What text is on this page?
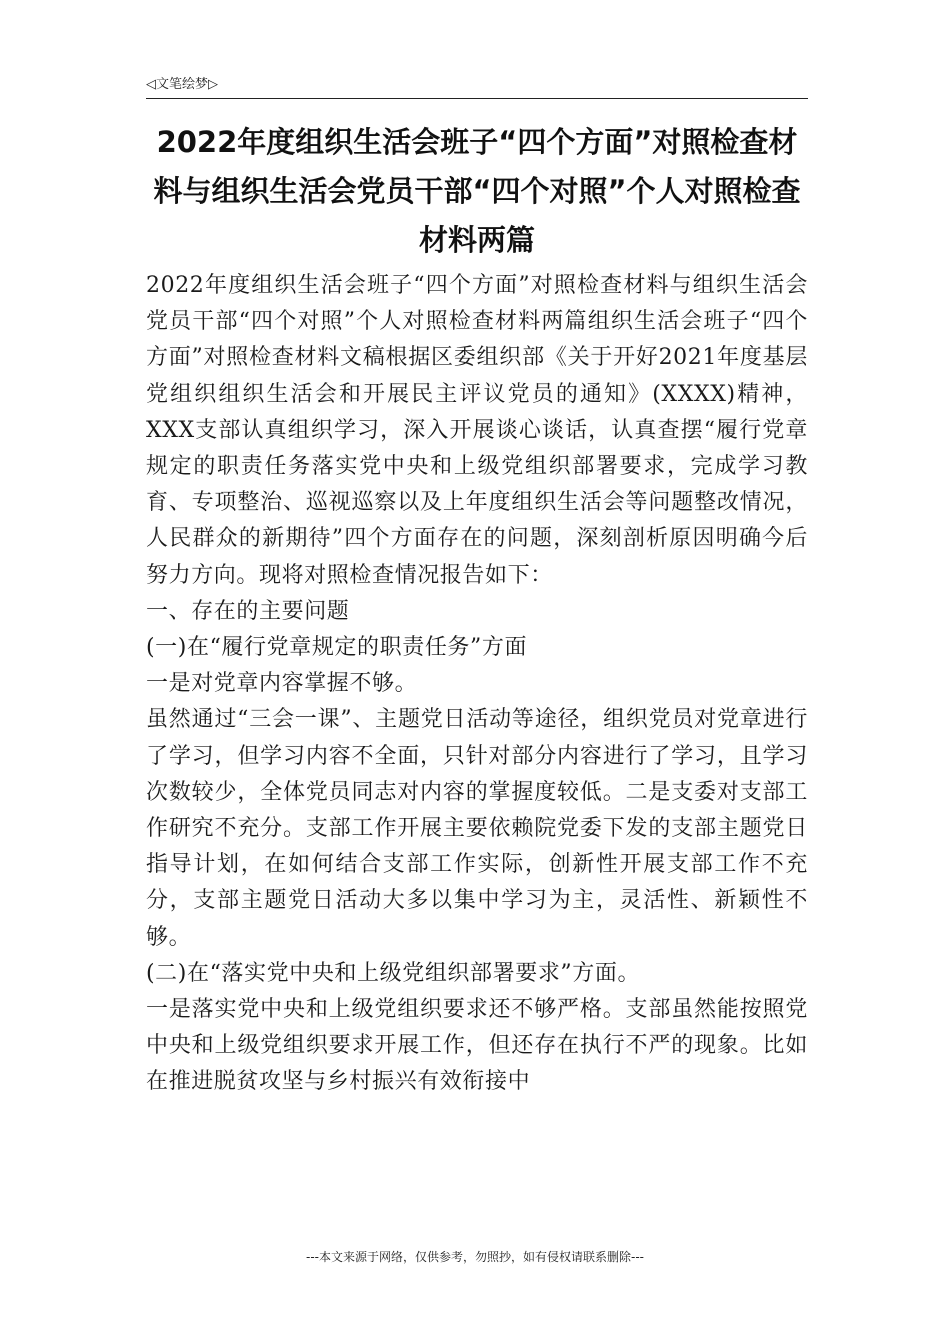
◁文笔绘梦▷
2022年度组织生活会班子“四个方面”对照检查材料与组织生活会党员干部“四个对照”个人对照检查材料两篇

2022年度组织生活会班子“四个方面”对照检查材料与组织生活会党员干部“四个对照”个人对照检查材料两篇组织生活会班子“四个方面”对照检查材料文稿根据区委组织部《关于开好2021年度基层党组织组织生活会和开展民主评议党员的通知》(XXXX)精神，XXX支部认真组织学习，深入开展谈心谈话，认真查摆“履行党章规定的职责任务落实党中央和上级党组织部署要求，完成学习教育、专项整治、巡视巡察以及上年度组织生活会等问题整改情况，人民群众的新期待”四个方面存在的问题，深刻剖析原因明确今后努力方向。现将对照检查情况报告如下：

一、存在的主要问题

(一)在“履行党章规定的职责任务”方面

一是对党章内容掌握不够。

虽然通过“三会一课”、主题党日活动等途径，组织党员对党章进行了学习，但学习内容不全面，只针对部分内容进行了学习，且学习次数较少，全体党员同志对内容的掌握度较低。二是支委对支部工作研究不充分。支部工作开展主要依赖院党委下发的支部主题党日指导计划，在如何结合支部工作实际，创新性开展支部工作不充分，支部主题党日活动大多以集中学习为主，灵活性、新颖性不够。

(二)在“落实党中央和上级党组织部署要求”方面。

一是落实党中央和上级党组织要求还不够严格。支部虽然能按照党中央和上级党组织要求开展工作，但还存在执行不严的现象。比如在推进脱贫攻坚与乡村振兴有效衔接中

---本文来源于网络，仅供参考，勿照抄，如有侵权请联系删除---
